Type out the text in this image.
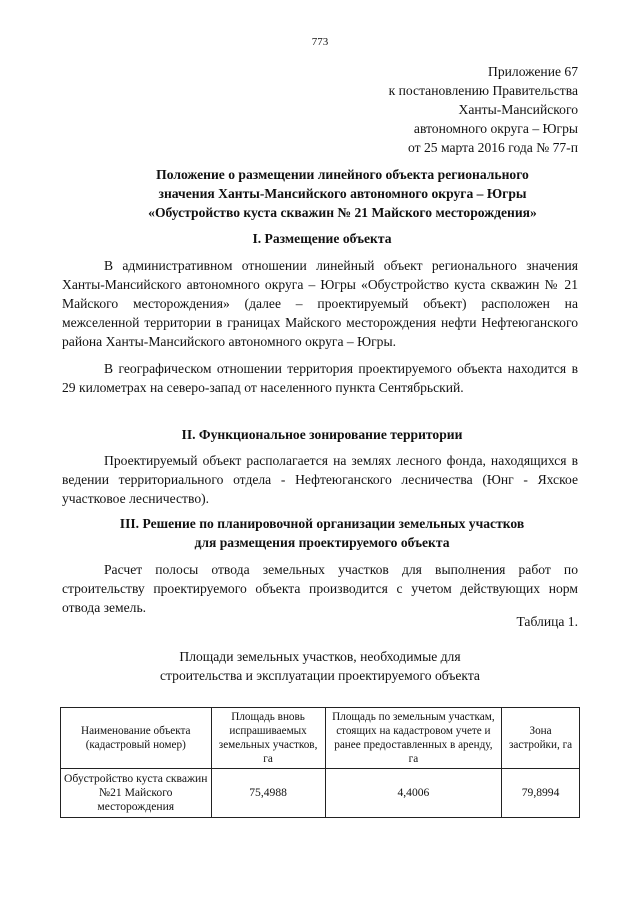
773
Приложение 67
к постановлению Правительства
Ханты-Мансийского
автономного округа – Югры
от 25 марта 2016 года № 77-п
Положение о размещении линейного объекта регионального
значения Ханты-Мансийского автономного округа – Югры
«Обустройство куста скважин № 21 Майского месторождения»
I. Размещение объекта

В административном отношении линейный объект регионального значения Ханты-Мансийского автономного округа – Югры «Обустройство куста скважин № 21 Майского месторождения» (далее – проектируемый объект) расположен на межселенной территории в границах Майского месторождения нефти Нефтеюганского района Ханты-Мансийского автономного округа – Югры.

В географическом отношении территория проектируемого объекта находится в 29 километрах на северо-запад от населенного пункта Сентябрьский.

II. Функциональное зонирование территории

Проектируемый объект располагается на землях лесного фонда, находящихся в ведении территориального отдела - Нефтеюганского лесничества (Юнг - Яхское участковое лесничество).

III. Решение по планировочной организации земельных участков
для размещения проектируемого объекта

Расчет полосы отвода земельных участков для выполнения работ по строительству проектируемого объекта производится с учетом действующих норм отвода земель.

Таблица 1.
Площади земельных участков, необходимые для
строительства и эксплуатации проектируемого объекта
Наименование объекта (кадастровый номер)	Площадь вновь испрашиваемых земельных участков, га	Площадь по земельным участкам, стоящих на кадастровом учете и ранее предоставленных в аренду, га	Зона застройки, га
Обустройство куста скважин №21 Майского месторождения	75,4988	4,4006	79,8994
